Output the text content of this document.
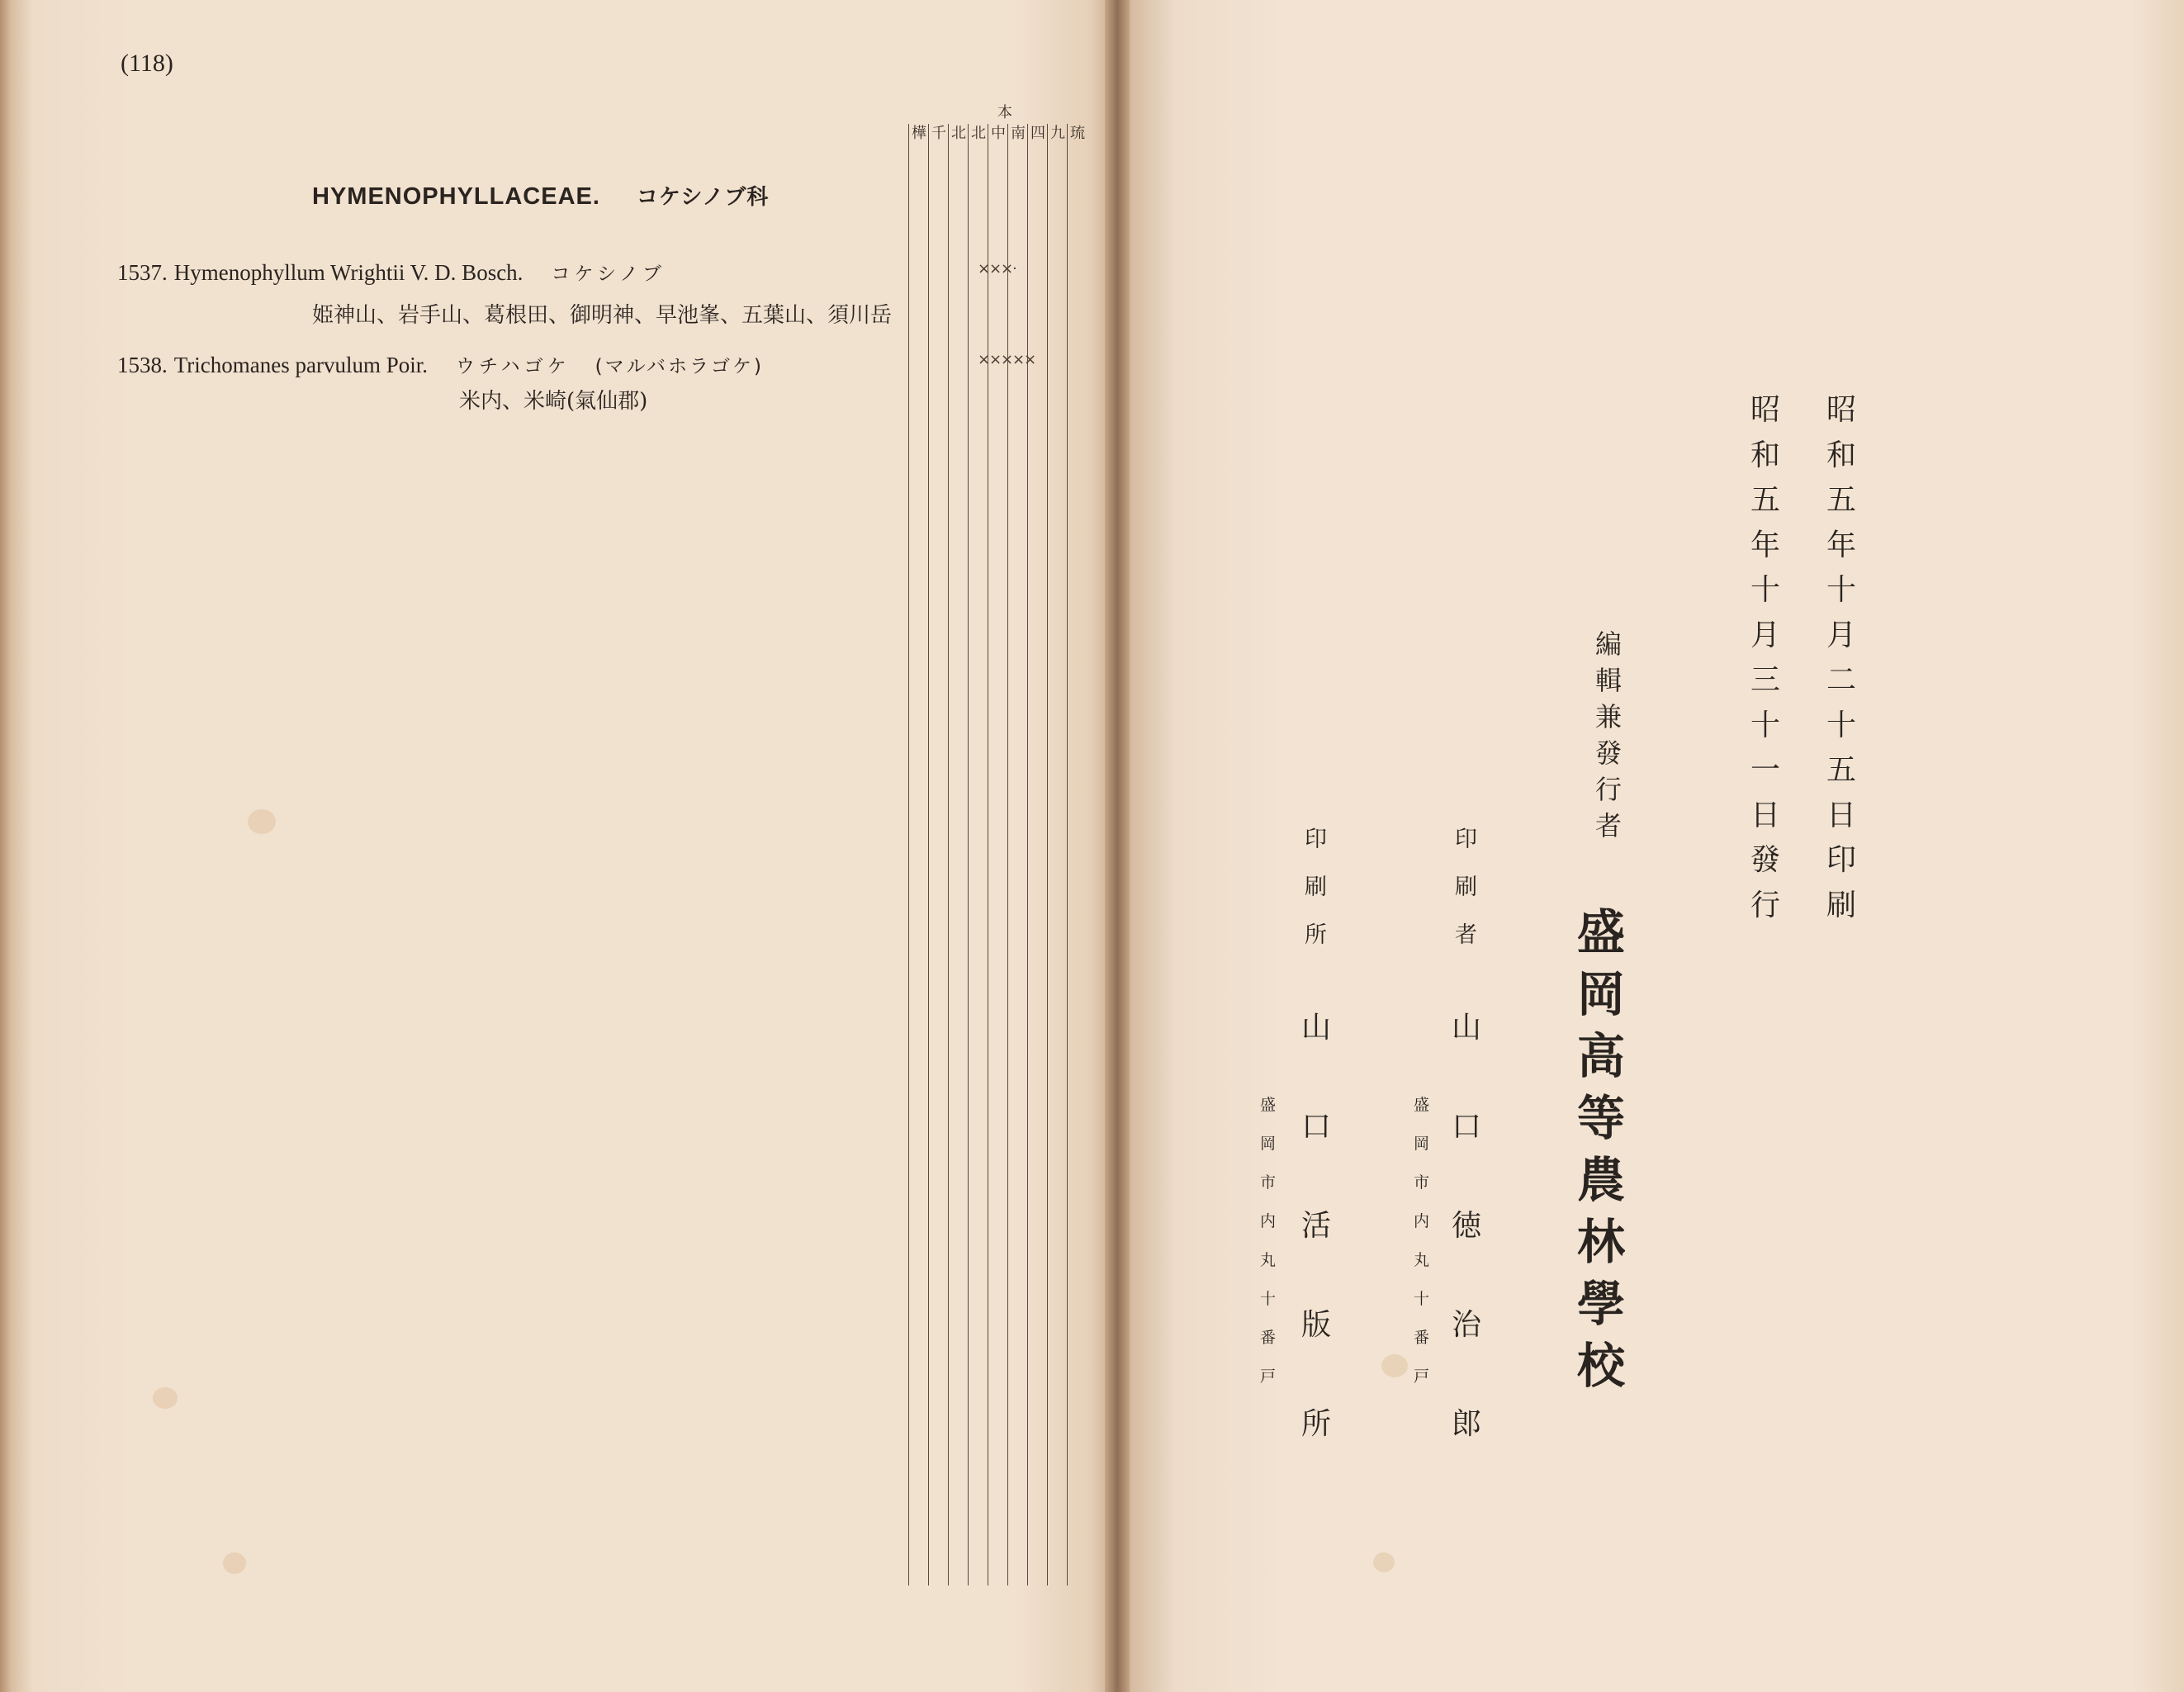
(118)
HYMENOPHYLLACEAE. コケシノブ科
1537. Hymenophyllum Wrightii V. D. Bosch. コケシノブ
姫神山、岩手山、葛根田、御明神、早池峯、五葉山、須川岳
1538. Trichomanes parvulum Poir. ウチハゴケ (マルバホラゴケ)
米内、米崎(氣仙郡)
本
樺 千 北 北 中 南 四 九 琉
×
×
×
·
×
×
×
×
×
昭
和
五
年
十
月
二
十
五
日
印
刷
昭
和
五
年
十
月
三
十
一
日
發
行
編
輯
兼
發
行
者
盛
岡
高
等
農
林
學
校
印
刷
者
山
口
徳
治
郎
盛
岡
市
内
丸
十
番
戸
印
刷
所
山
口
活
版
所
盛
岡
市
内
丸
十
番
戸
